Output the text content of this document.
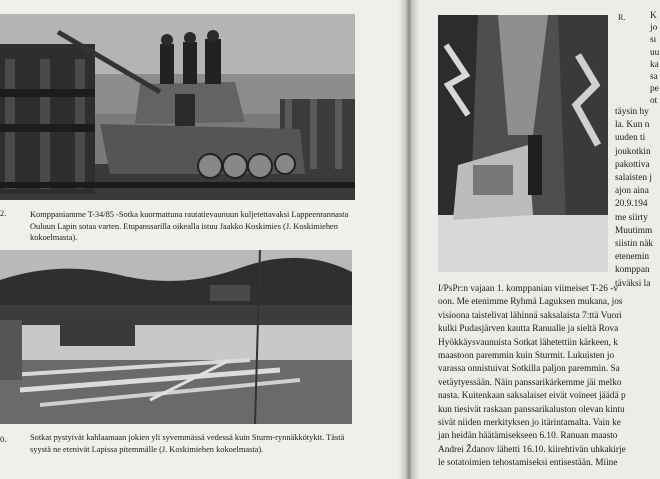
2.	Komppaniamme T-34/85 -Sotka kuormattuna rautatievaunuun kuljetettavaksi Lappeenrannasta Ouluun Lapin sotaa varten. Etupanssarilla oikealla istuu Jaakko Koskimies (J. Koskimiehen kokoelmasta).
0.	Sotkat pystyivät kahlaamaan jokien yli syvemmässä vedessä kuin Sturm-rynnäkkötykit. Tästä syystä ne etenivät Lapissa pitemmälle (J. Koskimiehen kokoelmasta).
R.	K
jo
sı
uu
ka
sa
pe
ot
täysin hy
la. Kun n
uuden ti
joukotkin
pakottiva
salaisten j
ajon aina
20.9.194
me siirty
Muutimm
siistin näk
etenemin
komppan
täväksi la
I/PsPr:n vajaan 1. komppanian viimeiset T-26 -v
oon. Me etenimme Ryhmä Laguksen mukana, jos
visioona taistelivat lähinnä saksalaista 7:ttä Vuori
kulki Pudasjärven kautta Ranualle ja sieltä Rova
Hyökkäysvaunuista Sotkat lähetettiin kärkeen, k
maastoon paremmin kuin Sturmit. Lukuisten jo
varassa onnistuivat Sotkilla paljon paremmin. Sa
vetäytyessään. Näin panssarikärkemme jäi melko
nasta. Kuitenkaan saksalaiset eivät voineet jäädä p
kun tiesivät raskaan panssarikaluston olevan kintu
sivät niiden merkityksen jo itärintamalta. Vain ke
jan heidän häätämisekseen 6.10. Ranuan maasto
Andrei Ždanov lähetti 16.10. kiirehtivän uhkakirje
le sotatoimien tehostamiseksi entisestään. Miine
